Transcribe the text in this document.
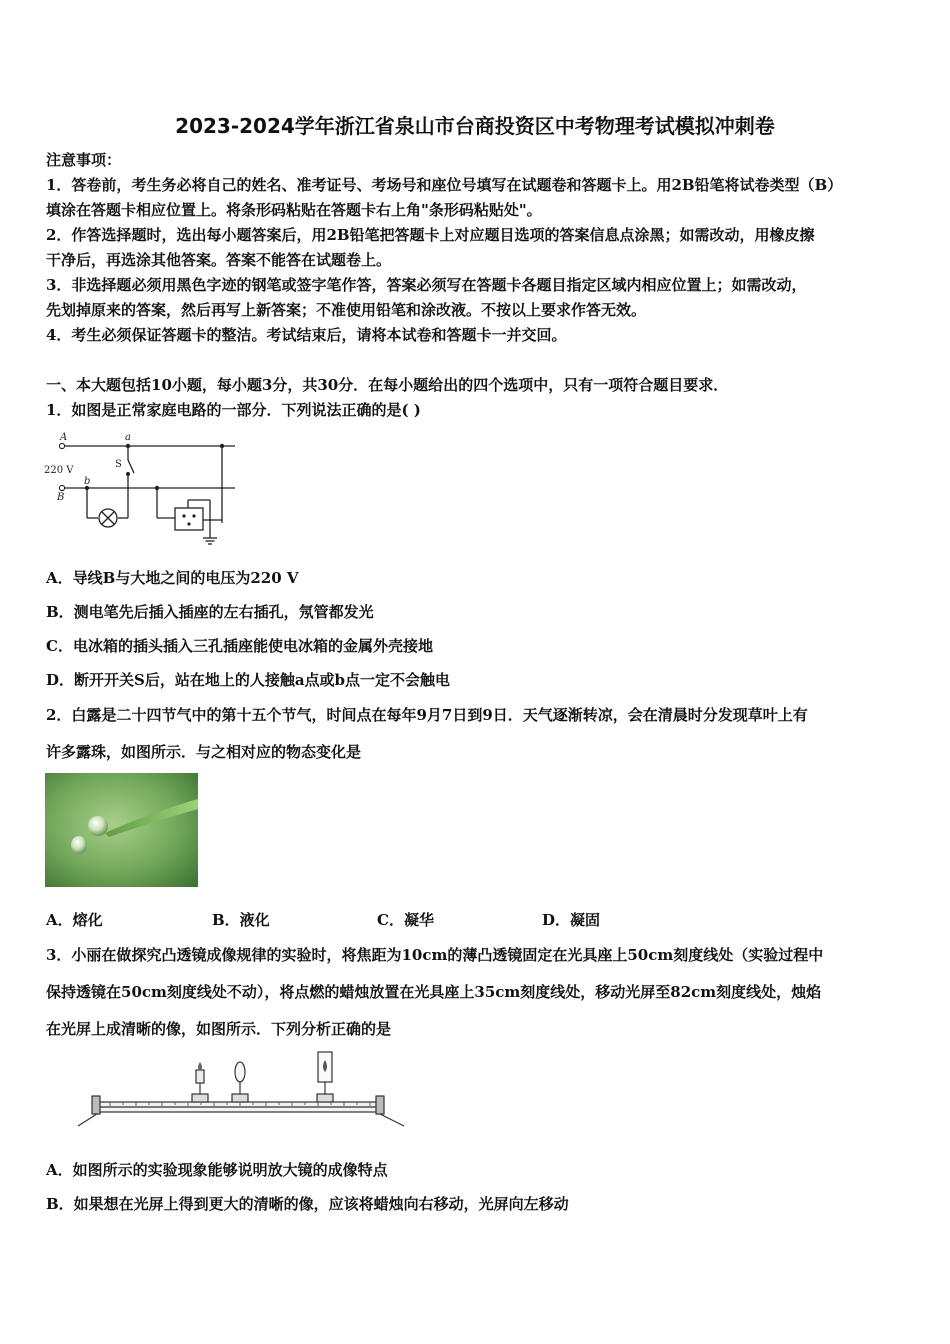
2023-2024学年浙江省泉山市台商投资区中考物理考试模拟冲刺卷
注意事项：
1．答卷前，考生务必将自己的姓名、准考证号、考场号和座位号填写在试题卷和答题卡上。用2B铅笔将试卷类型（B）
填涂在答题卡相应位置上。将条形码粘贴在答题卡右上角"条形码粘贴处"。
2．作答选择题时，选出每小题答案后，用2B铅笔把答题卡上对应题目选项的答案信息点涂黑；如需改动，用橡皮擦
干净后，再选涂其他答案。答案不能答在试题卷上。
3．非选择题必须用黑色字迹的钢笔或签字笔作答，答案必须写在答题卡各题目指定区域内相应位置上；如需改动，
先划掉原来的答案，然后再写上新答案；不准使用铅笔和涂改液。不按以上要求作答无效。
4．考生必须保证答题卡的整洁。考试结束后，请将本试卷和答题卡一并交回。
一、本大题包括10小题，每小题3分，共30分．在每小题给出的四个选项中，只有一项符合题目要求．
1．如图是正常家庭电路的一部分．下列说法正确的是( )
A
B
a
b
S
220 V
A．导线B与大地之间的电压为220 V
B．测电笔先后插入插座的左右插孔，氖管都发光
C．电冰箱的插头插入三孔插座能使电冰箱的金属外壳接地
D．断开开关S后，站在地上的人接触a点或b点一定不会触电
2．白露是二十四节气中的第十五个节气，时间点在每年9月7日到9日．天气逐渐转凉，会在清晨时分发现草叶上有
许多露珠，如图所示．与之相对应的物态变化是
A．熔化	B．液化	C．凝华	D．凝固
3．小丽在做探究凸透镜成像规律的实验时，将焦距为10cm的薄凸透镜固定在光具座上50cm刻度线处（实验过程中
保持透镜在50cm刻度线处不动），将点燃的蜡烛放置在光具座上35cm刻度线处，移动光屏至82cm刻度线处，烛焰
在光屏上成清晰的像，如图所示．下列分析正确的是
A．如图所示的实验现象能够说明放大镜的成像特点
B．如果想在光屏上得到更大的清晰的像，应该将蜡烛向右移动，光屏向左移动
